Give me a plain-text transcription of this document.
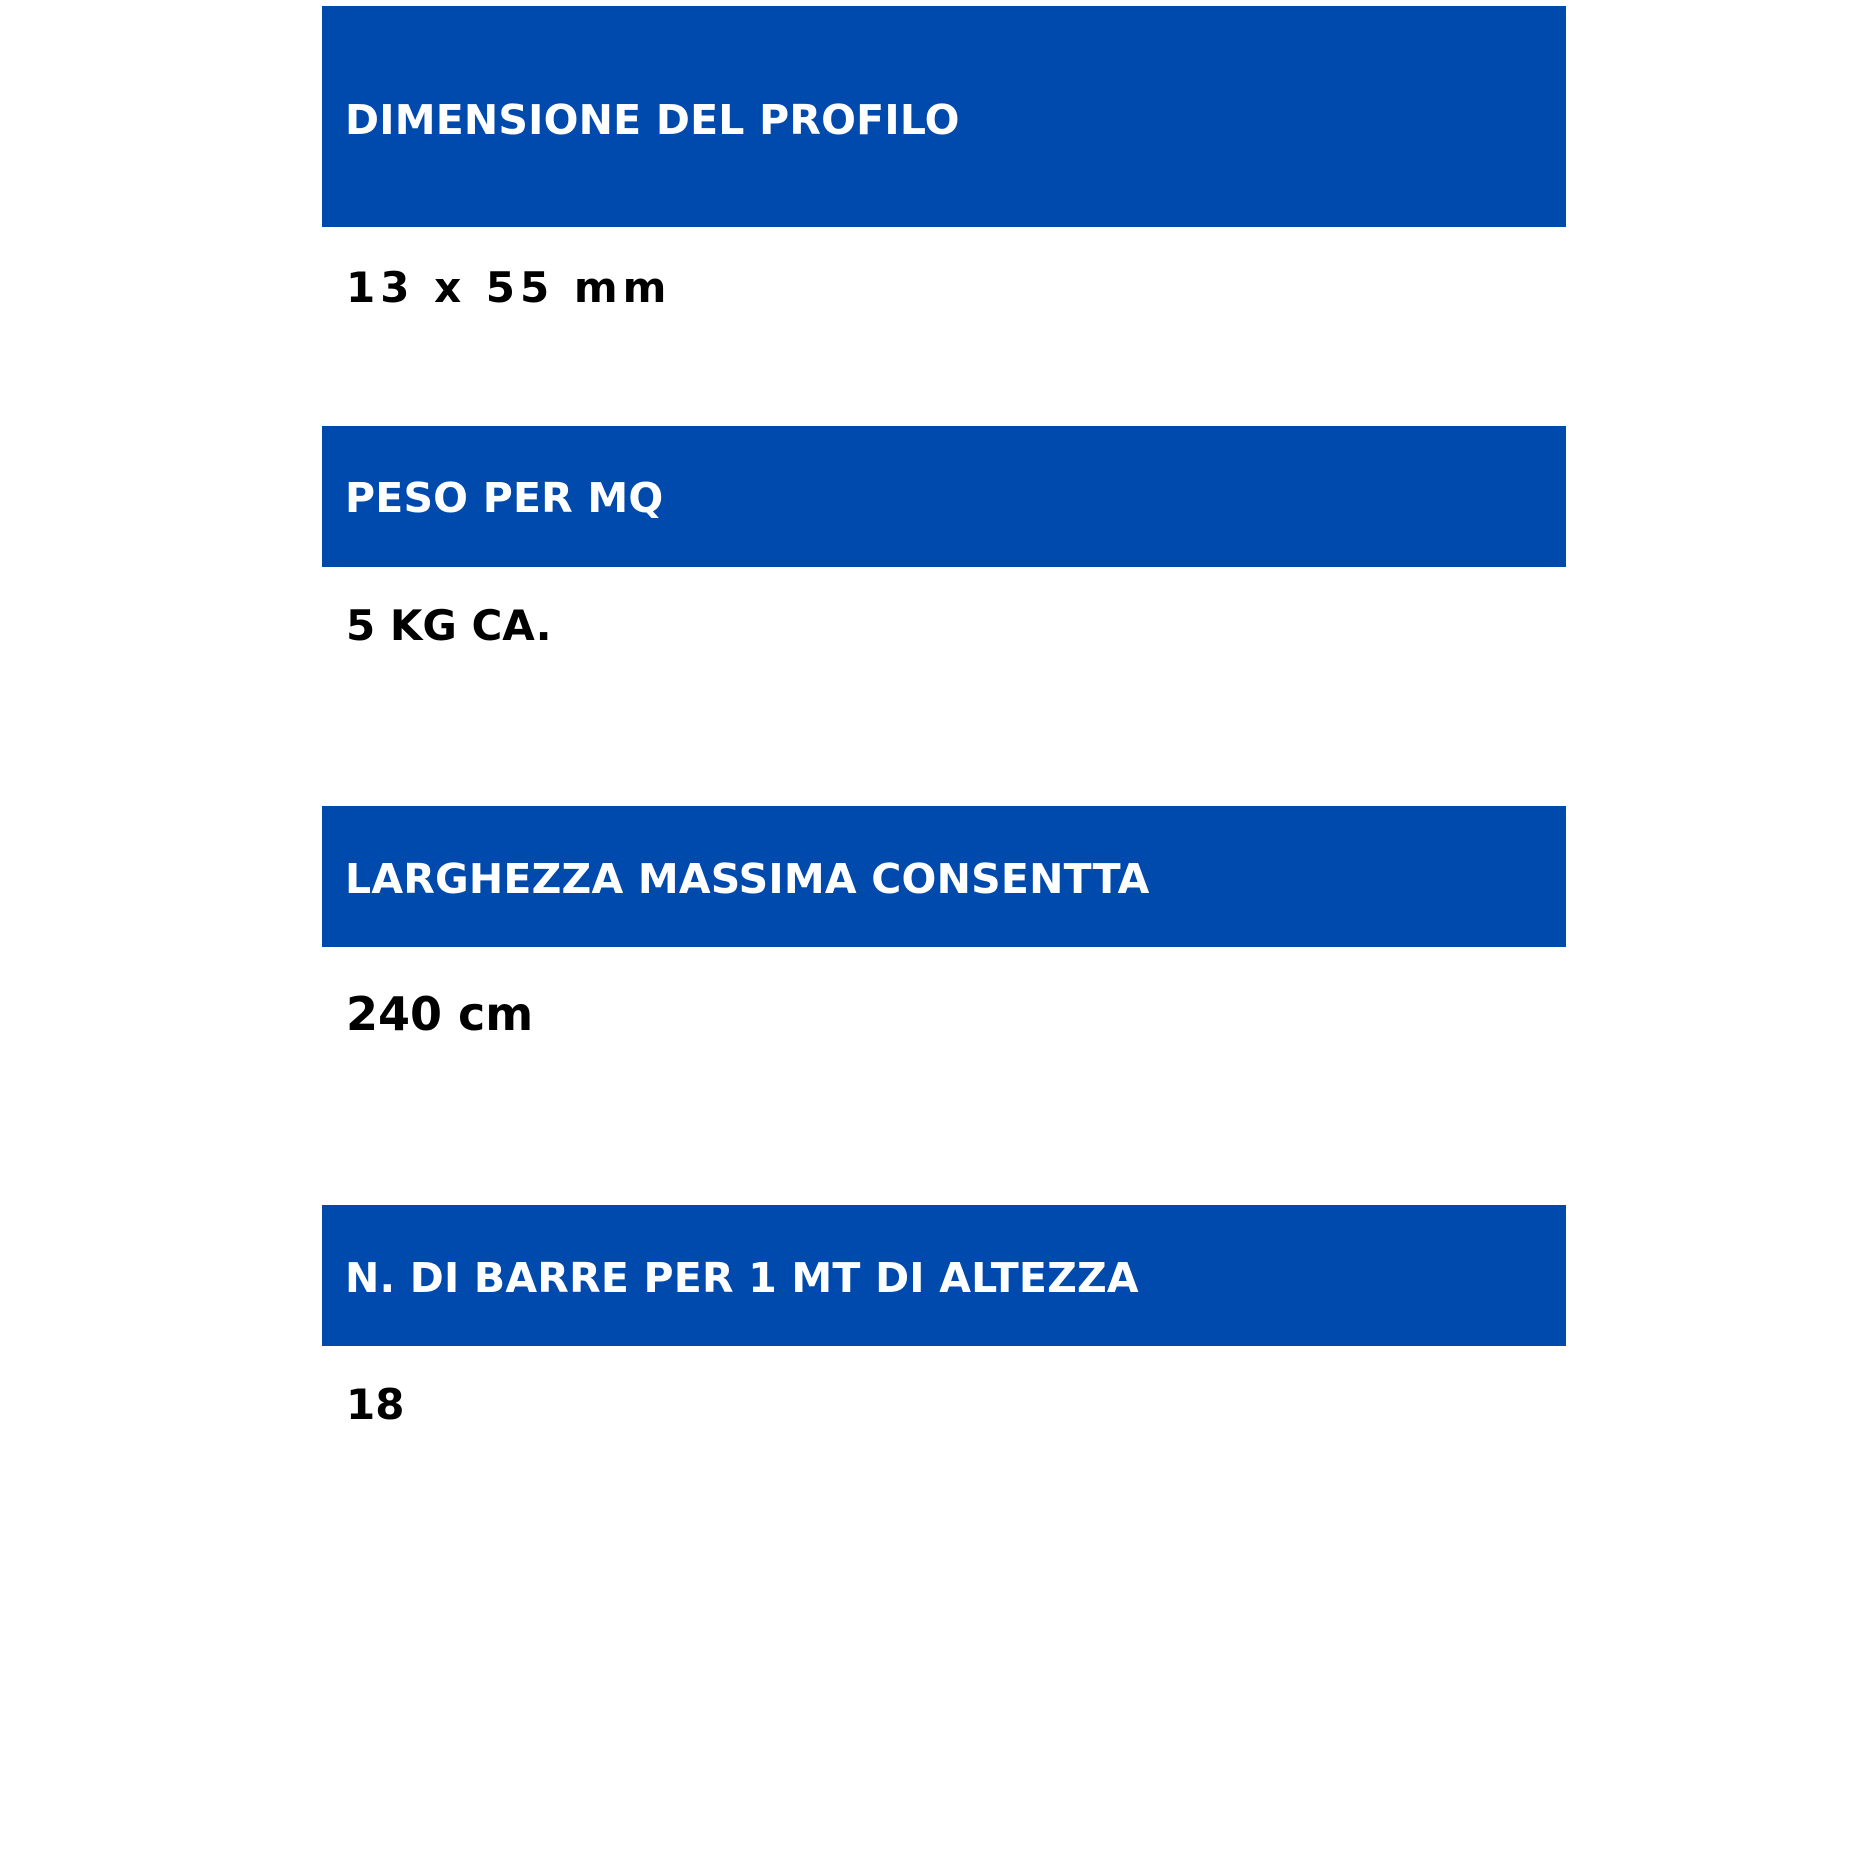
DIMENSIONE DEL PROFILO
13 x 55 mm
PESO PER MQ
5 KG CA.
LARGHEZZA MASSIMA CONSENTTA
240 cm
N. DI BARRE PER 1 MT DI ALTEZZA
18
